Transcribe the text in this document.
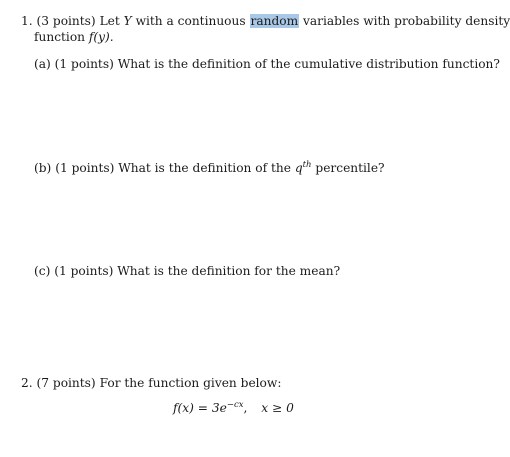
1. (3 points) Let Y with a continuous random variables with probability density
function f(y).
(a) (1 points) What is the definition of the cumulative distribution function?
(b) (1 points) What is the definition of the $q^{th}$ percentile?
(c) (1 points) What is the definition for the mean?
2. (7 points) For the function given below:
$f(x) = 3e^{-cx}$, x ≥ 0
